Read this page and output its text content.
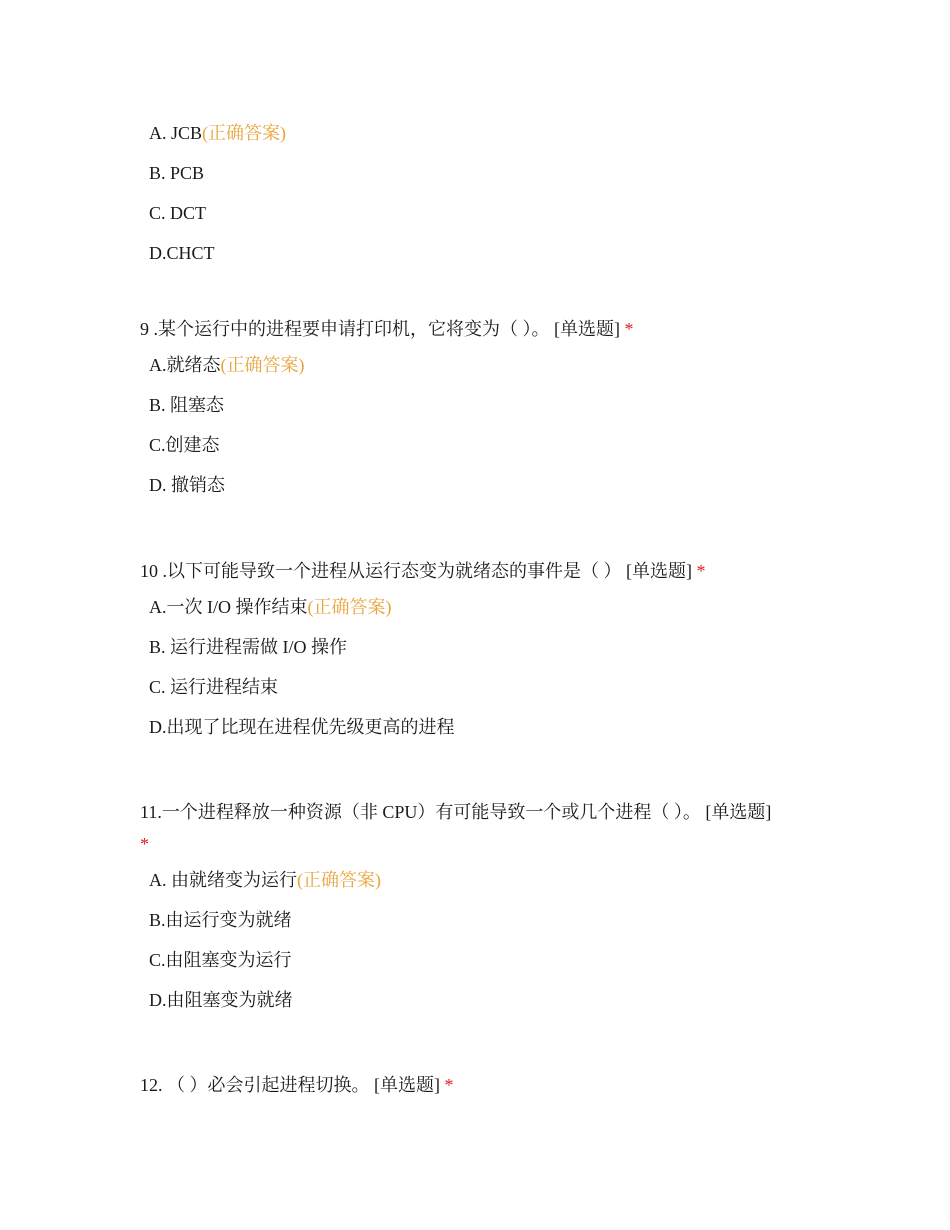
A. JCB(正确答案)
B. PCB
C. DCT
D.CHCT
9 .某个运行中的进程要申请打印机，它将变为（ ）。 [单选题] *
A.就绪态(正确答案)
B. 阻塞态
C.创建态
D. 撤销态
10 .以下可能导致一个进程从运行态变为就绪态的事件是（ ） [单选题] *
A.一次 I/O 操作结束(正确答案)
B. 运行进程需做 I/O 操作
C. 运行进程结束
D.出现了比现在进程优先级更高的进程
11.一个进程释放一种资源（非 CPU）有可能导致一个或几个进程（ ）。 [单选题]
*
A. 由就绪变为运行(正确答案)
B.由运行变为就绪
C.由阻塞变为运行
D.由阻塞变为就绪
12. （ ）必会引起进程切换。 [单选题] *
